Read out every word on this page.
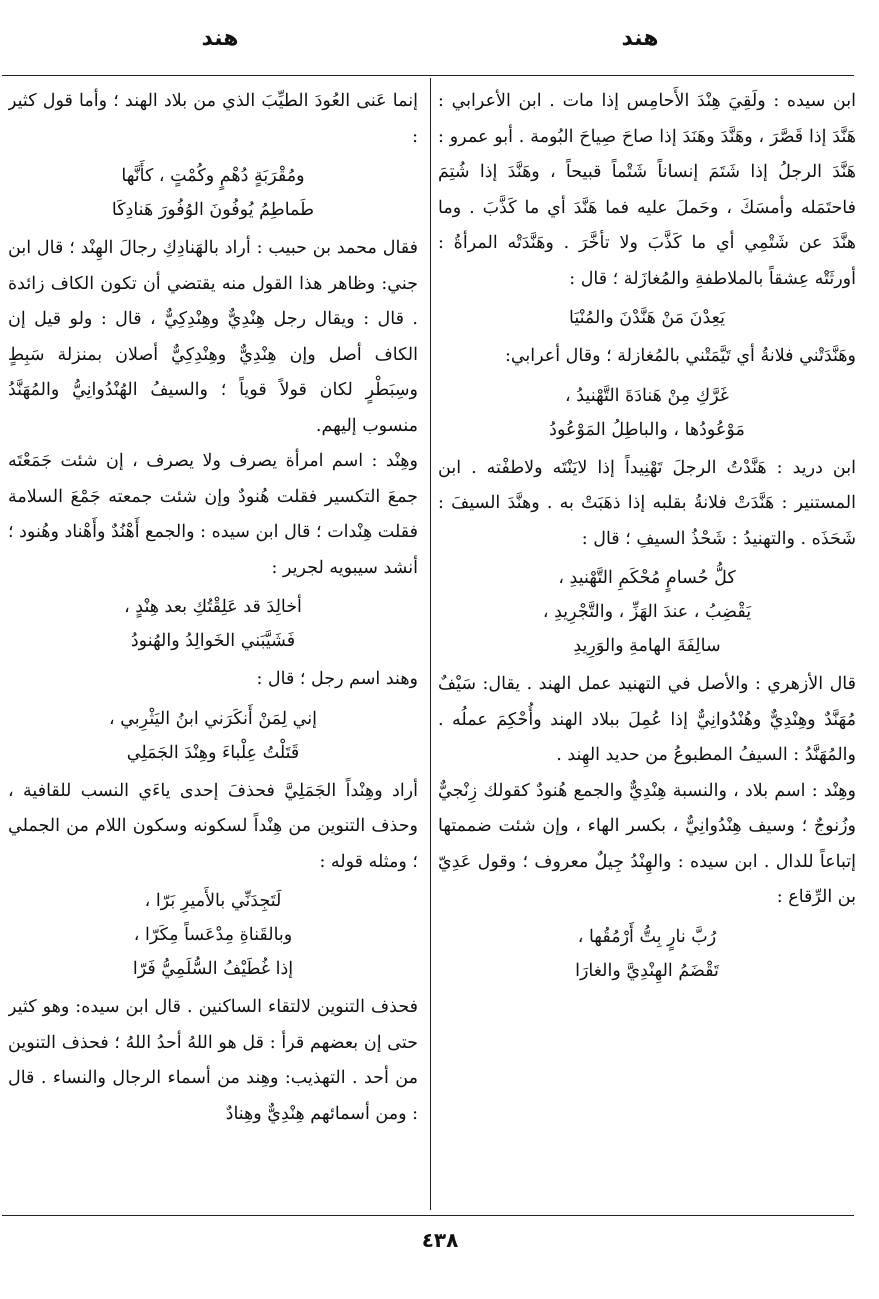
هند
هند

ابن سيده : ولَقِيَ هِنْدَ الأَحامِس إذا مات . ابن الأعرابي : هَنَّدَ إذا قَصَّرَ ، وهَنَّدَ وهَنَدَ إذا صاحَ صِياحَ البُومة . أبو عمرو : هَنَّدَ الرجلُ إذا شَتَمَ إنساناً شَتْماً قبيحاً ، وهَنَّدَ إذا شُتِمَ فاحتَمَله وأمسَكَ ، وحَملَ عليه فما هَنَّدَ أي ما كَذَّبَ . وما هنَّدَ عن شَتْمِي أي ما كَذَّبَ ولا تأخَّرَ . وهَنَّدَتْه المرأةُ : أورثَتْه عِشقاً بالملاطفةِ والمُغازَلة ؛ قال :

يَعِدْنَ مَنْ هَنَّدْنَ والمُنْيَا

وهَنَّدَتْني فلانةُ أي تَيَّمَتْني بالمُغازلة ؛ وقال أعرابي:

غَرَّكِ مِنْ هَنادَةَ التَّهْنيدُ ،
مَوْعُودُها ، والباطِلُ المَوْعُودُ

ابن دريد : هَنَّدْتُ الرجلَ تَهْنِيداً إذا لايَنْتَه ولاطفْته . ابن المستنير : هَنَّدَتْ فلانةُ بقلبه إذا ذهَبَتْ به . وهنَّدَ السيفَ : شَحَذَه . والتهنيدُ : شَحْذُ السيفِ ؛ قال :

كلُّ حُسامٍ مُحْكَمِ التَّهْنيدِ ،
يَقْضِبُ ، عندَ الهَزِّ ، والتَّجْرِيدِ ،
سالِفَةَ الهامةِ والوَرِيدِ

قال الأزهري : والأصل في التهنيد عمل الهند . يقال: سَيْفٌ مُهَنَّدٌ وهِنْدِيٌّ وهُنْدُوانِيٌّ إذا عُمِلَ ببلاد الهند وأُحْكِمَ عملُه . والمُهَنَّدُ : السيفُ المطبوعُ من حديد الهِند .

وهِنْد : اسم بلاد ، والنسبة هِنْدِيٌّ والجمع هُنودٌ كقولك زِنْجيٌّ وزُنوجٌ ؛ وسيف هِنْدُوانِيٌّ ، بكسر الهاء ، وإن شئت ضممتها إتباعاً للدال . ابن سيده : والهِنْدُ جِيلٌ معروف ؛ وقول عَدِيّ بن الرِّقاع :

رُبَّ نارٍ بِتُّ أَرْمُقُها ،
تَقْضَمُ الهِنْدِيَّ والغارَا

إنما عَنى العُودَ الطيِّبَ الذي من بلاد الهند ؛ وأما قول كثير :

ومُقْرَبَةٍ دُهْمٍ وكُمْتٍ ، كأَنَّها
طَماطِمُ يُوفُونَ الوُفُورَ هَنادِكَا

فقال محمد بن حبيب : أراد بالهَنادِكِ رجالَ الهِنْد ؛ قال ابن جني: وظاهر هذا القول منه يقتضي أن تكون الكاف زائدة . قال : ويقال رجل هِنْدِيٌّ وهِنْدِكِيٌّ ، قال : ولو قيل إن الكاف أصل وإن هِنْدِيٌّ وهِنْدِكِيٌّ أصلان بمنزلة سَبِطٍ وسِبَطْرٍ لكان قولاً قوياً ؛ والسيفُ الهُنْدُوانِيُّ والمُهَنَّدُ منسوب إليهم.

وهِنْد : اسم امرأة يصرف ولا يصرف ، إن شئت جَمَعْتَه جمعَ التكسير فقلت هُنودٌ وإن شئت جمعته جَمْعَ السلامة فقلت هِنْدات ؛ قال ابن سيده : والجمع أَهْنُدٌ وأَهْناد وهُنود ؛ أنشد سيبويه لجرير :

أخالِدَ قد عَلِقْتُكِ بعد هِنْدٍ ،
فَشَيَّبَني الخَوالِدُ والهُنودُ

وهند اسم رجل ؛ قال :

إني لِمَنْ أَنكَرَني ابنُ اليَثْرِبي ،
قَتَلْتُ عِلْباءَ وهِنْدَ الجَمَلِي

أراد وهِنْداً الجَمَلِيَّ فحذفَ إحدى ياءَي النسب للقافية ، وحذف التنوين من هِنْداً لسكونه وسكون اللام من الجملي ؛ ومثله قوله :

لَتَجِدَنِّي بالأَميرِ بَرّا ،
وبالقَناةِ مِدْعَساً مِكَرّا ،
إذا غُطَيْفُ السُّلَمِيُّ فَرّا

فحذف التنوين لالتقاء الساكنين . قال ابن سيده: وهو كثير حتى إن بعضهم قرأ : قل هو اللهُ أحدُ اللهُ ؛ فحذف التنوين من أحد . التهذيب: وهِند من أسماء الرجال والنساء . قال : ومن أسمائهم هِنْدِيٌّ وهِنادٌ

٤٣٨
